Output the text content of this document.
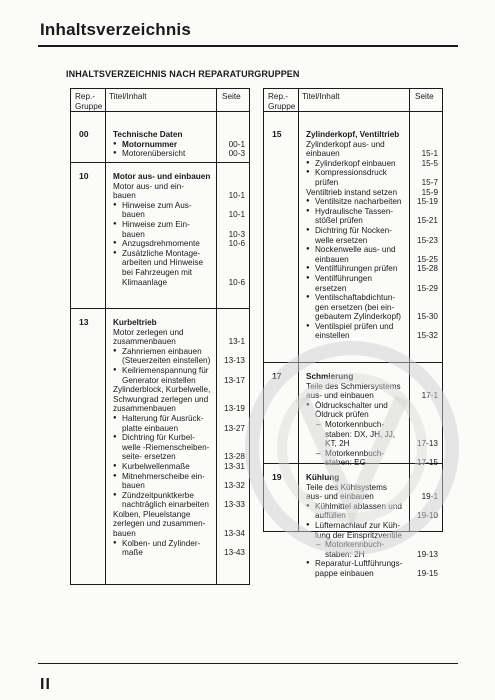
Inhaltsverzeichnis
INHALTSVERZEICHNIS NACH REPARATURGRUPPEN
Rep.-
Gruppe
Titel/Inhalt	Seite
00	Technische Daten
● Motornummer	00-1
● Motorenübersicht	00-3
10	Motor aus- und einbauen
Motor aus- und ein-
bauen	10-1
● Hinweise zum Aus-
bauen	10-1
● Hinweise zum Ein-
bauen	10-3
● Anzugsdrehmomente	10-6
● Zusätzliche Montage-
arbeiten und Hinweise
bei Fahrzeugen mit
Klimaanlage	10-6
13	Kurbeltrieb
Motor zerlegen und
zusammenbauen	13-1
● Zahnriemen einbauen
(Steuerzeiten einstellen)	13-13
● Keilriemenspannung für
Generator einstellen	13-17
Zylinderblock, Kurbelwelle,
Schwungrad zerlegen und
zusammenbauen	13-19
● Halterung für Ausrück-
platte einbauen	13-27
● Dichtring für Kurbel-
welle -Riemenscheiben-
seite- ersetzen	13-28
● Kurbelwellenmaße	13-31
● Mitnehmerscheibe ein-
bauen	13-32
● Zündzeitpunktkerbe
nachträglich einarbeiten	13-33
Kolben, Pleuelstange
zerlegen und zusammen-
bauen	13-34
● Kolben- und Zylinder-
maße	13-43
Rep.-
Gruppe
Titel/Inhalt	Seite
15	Zylinderkopf, Ventiltrieb
Zylinderkopf aus- und
einbauen	15-1
● Zylinderkopf einbauen	15-5
● Kompressionsdruck
prüfen	15-7
Ventiltrieb instand setzen	15-9
● Ventilsitze nacharbeiten	15-19
● Hydraulische Tassen-
stößel prüfen	15-21
● Dichtring für Nocken-
welle ersetzen	15-23
● Nockenwelle aus- und
einbauen	15-25
● Ventilführungen prüfen	15-28
● Ventilführungen
ersetzen	15-29
● Ventilschaftabdichtun-
gen ersetzen (bei ein-
gebautem Zylinderkopf)	15-30
● Ventilspiel prüfen und
einstellen	15-32
17	Schmierung
Teile des Schmiersystems
aus- und einbauen	17-1
● Öldruckschalter und
Öldruck prüfen
– Motorkennbuch-
staben: DX, JH, JJ,
KT, 2H	17-13
– Motorkennbuch-
staben: EG	17-15
19	Kühlung
Teile des Kühlsystems
aus- und einbauen	19-1
● Kühlmittel ablassen und
auffüllen	19-10
● Lüfternachlauf zur Küh-
lung der Einspritzventile
– Motorkennbuch-
staben: 2H	19-13
● Reparatur-Luftführungs-
pappe einbauen	19-15
II
